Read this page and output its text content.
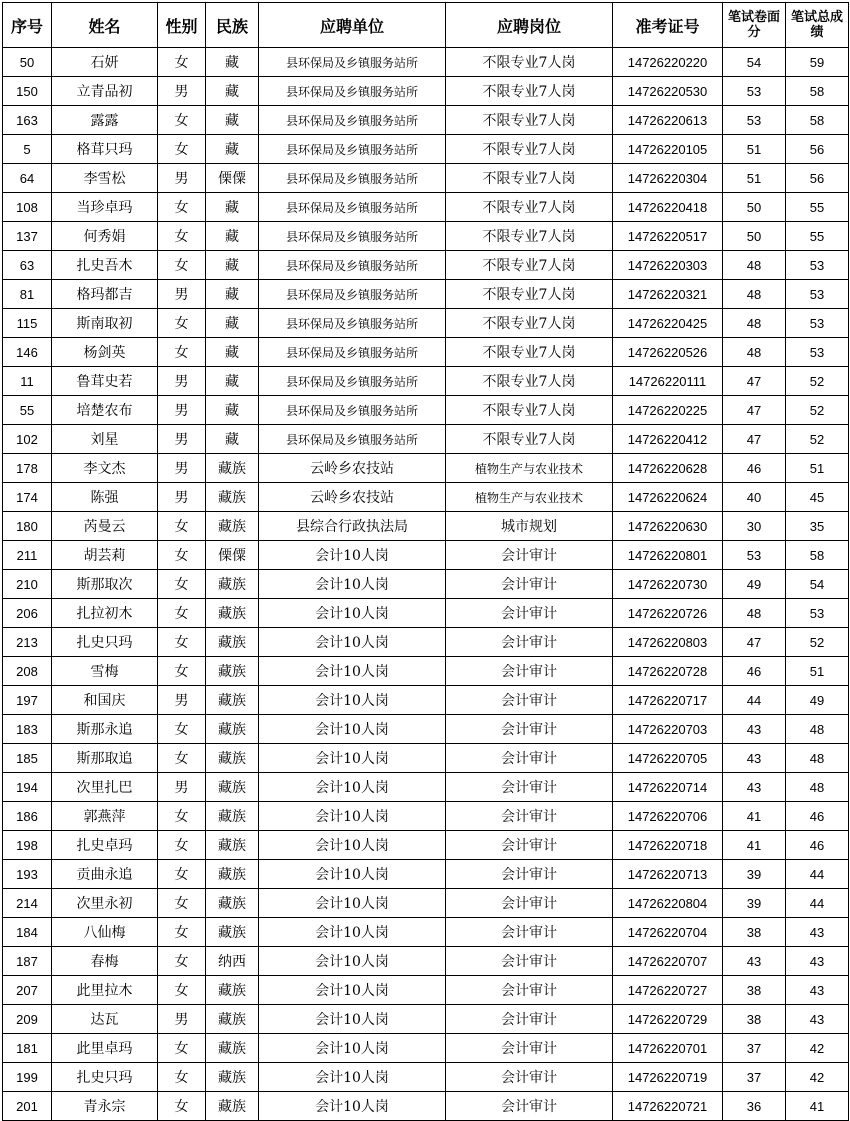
序号	姓名	性别	民族	应聘单位	应聘岗位	准考证号	笔试卷面分	笔试总成绩
50	石妍	女	藏	县环保局及乡镇服务站所	不限专业7人岗	14726220220	54	59
150	立青品初	男	藏	县环保局及乡镇服务站所	不限专业7人岗	14726220530	53	58
163	露露	女	藏	县环保局及乡镇服务站所	不限专业7人岗	14726220613	53	58
5	格茸只玛	女	藏	县环保局及乡镇服务站所	不限专业7人岗	14726220105	51	56
64	李雪松	男	傈僳	县环保局及乡镇服务站所	不限专业7人岗	14726220304	51	56
108	当珍卓玛	女	藏	县环保局及乡镇服务站所	不限专业7人岗	14726220418	50	55
137	何秀娟	女	藏	县环保局及乡镇服务站所	不限专业7人岗	14726220517	50	55
63	扎史吾木	女	藏	县环保局及乡镇服务站所	不限专业7人岗	14726220303	48	53
81	格玛都吉	男	藏	县环保局及乡镇服务站所	不限专业7人岗	14726220321	48	53
115	斯南取初	女	藏	县环保局及乡镇服务站所	不限专业7人岗	14726220425	48	53
146	杨剑英	女	藏	县环保局及乡镇服务站所	不限专业7人岗	14726220526	48	53
11	鲁茸史若	男	藏	县环保局及乡镇服务站所	不限专业7人岗	14726220111	47	52
55	培楚农布	男	藏	县环保局及乡镇服务站所	不限专业7人岗	14726220225	47	52
102	刘星	男	藏	县环保局及乡镇服务站所	不限专业7人岗	14726220412	47	52
178	李文杰	男	藏族	云岭乡农技站	植物生产与农业技术	14726220628	46	51
174	陈强	男	藏族	云岭乡农技站	植物生产与农业技术	14726220624	40	45
180	芮曼云	女	藏族	县综合行政执法局	城市规划	14726220630	30	35
211	胡芸莉	女	傈僳	会计10人岗	会计审计	14726220801	53	58
210	斯那取次	女	藏族	会计10人岗	会计审计	14726220730	49	54
206	扎拉初木	女	藏族	会计10人岗	会计审计	14726220726	48	53
213	扎史只玛	女	藏族	会计10人岗	会计审计	14726220803	47	52
208	雪梅	女	藏族	会计10人岗	会计审计	14726220728	46	51
197	和国庆	男	藏族	会计10人岗	会计审计	14726220717	44	49
183	斯那永追	女	藏族	会计10人岗	会计审计	14726220703	43	48
185	斯那取追	女	藏族	会计10人岗	会计审计	14726220705	43	48
194	次里扎巴	男	藏族	会计10人岗	会计审计	14726220714	43	48
186	郭燕萍	女	藏族	会计10人岗	会计审计	14726220706	41	46
198	扎史卓玛	女	藏族	会计10人岗	会计审计	14726220718	41	46
193	贡曲永追	女	藏族	会计10人岗	会计审计	14726220713	39	44
214	次里永初	女	藏族	会计10人岗	会计审计	14726220804	39	44
184	八仙梅	女	藏族	会计10人岗	会计审计	14726220704	38	43
187	春梅	女	纳西	会计10人岗	会计审计	14726220707	43	43
207	此里拉木	女	藏族	会计10人岗	会计审计	14726220727	38	43
209	达瓦	男	藏族	会计10人岗	会计审计	14726220729	38	43
181	此里卓玛	女	藏族	会计10人岗	会计审计	14726220701	37	42
199	扎史只玛	女	藏族	会计10人岗	会计审计	14726220719	37	42
201	青永宗	女	藏族	会计10人岗	会计审计	14726220721	36	41
